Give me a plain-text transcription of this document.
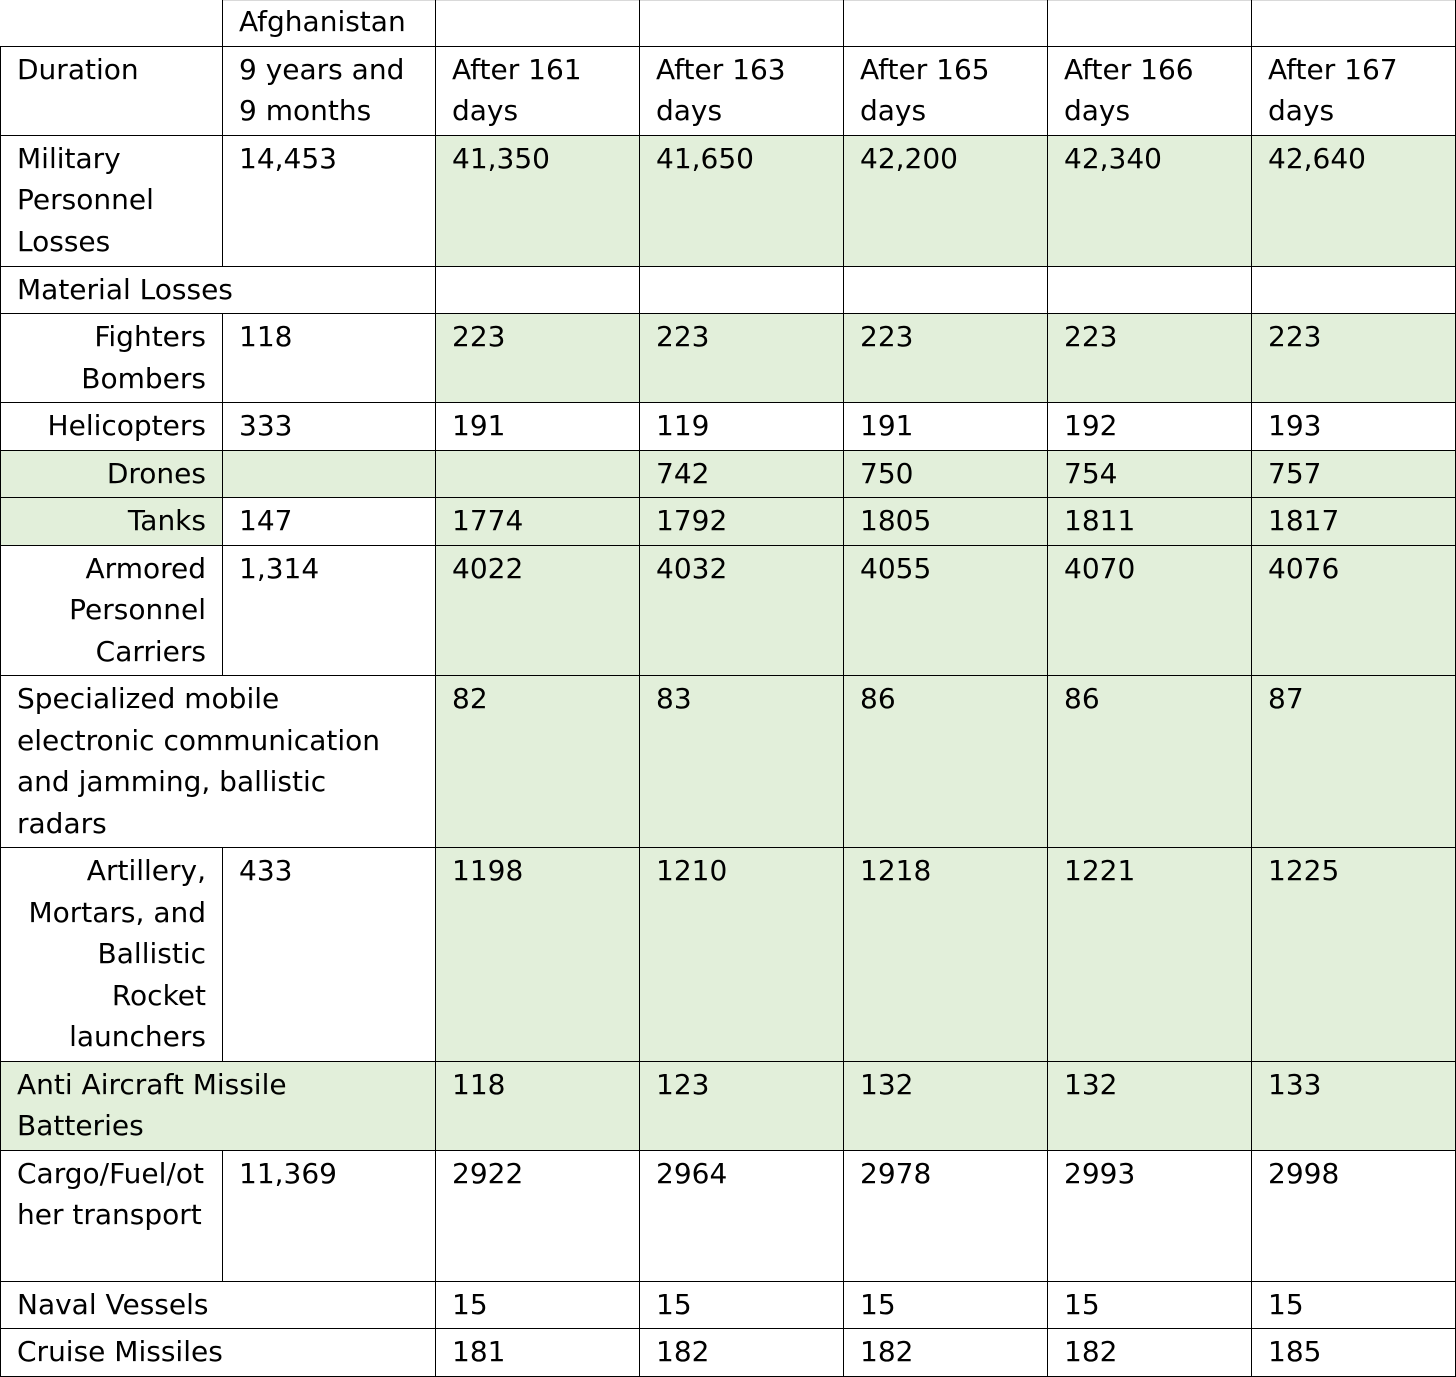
	Afghanistan					
Duration	9 years and 9 months	After 161 days	After 163 days	After 165 days	After 166 days	After 167 days
Military Personnel Losses	14,453	41,350	41,650	42,200	42,340	42,640
Material Losses						
Fighters Bombers	118	223	223	223	223	223
Helicopters	333	191	119	191	192	193
Drones			742	750	754	757
Tanks	147	1774	1792	1805	1811	1817
Armored Personnel Carriers	1,314	4022	4032	4055	4070	4076
Specialized mobile electronic communication and jamming, ballistic radars		82	83	86	86	87
Artillery, Mortars, and Ballistic Rocket launchers	433	1198	1210	1218	1221	1225
Anti Aircraft Missile Batteries		118	123	132	132	133
Cargo/Fuel/other transport	11,369	2922	2964	2978	2993	2998
Naval Vessels		15	15	15	15	15
Cruise Missiles		181	182	182	182	185
